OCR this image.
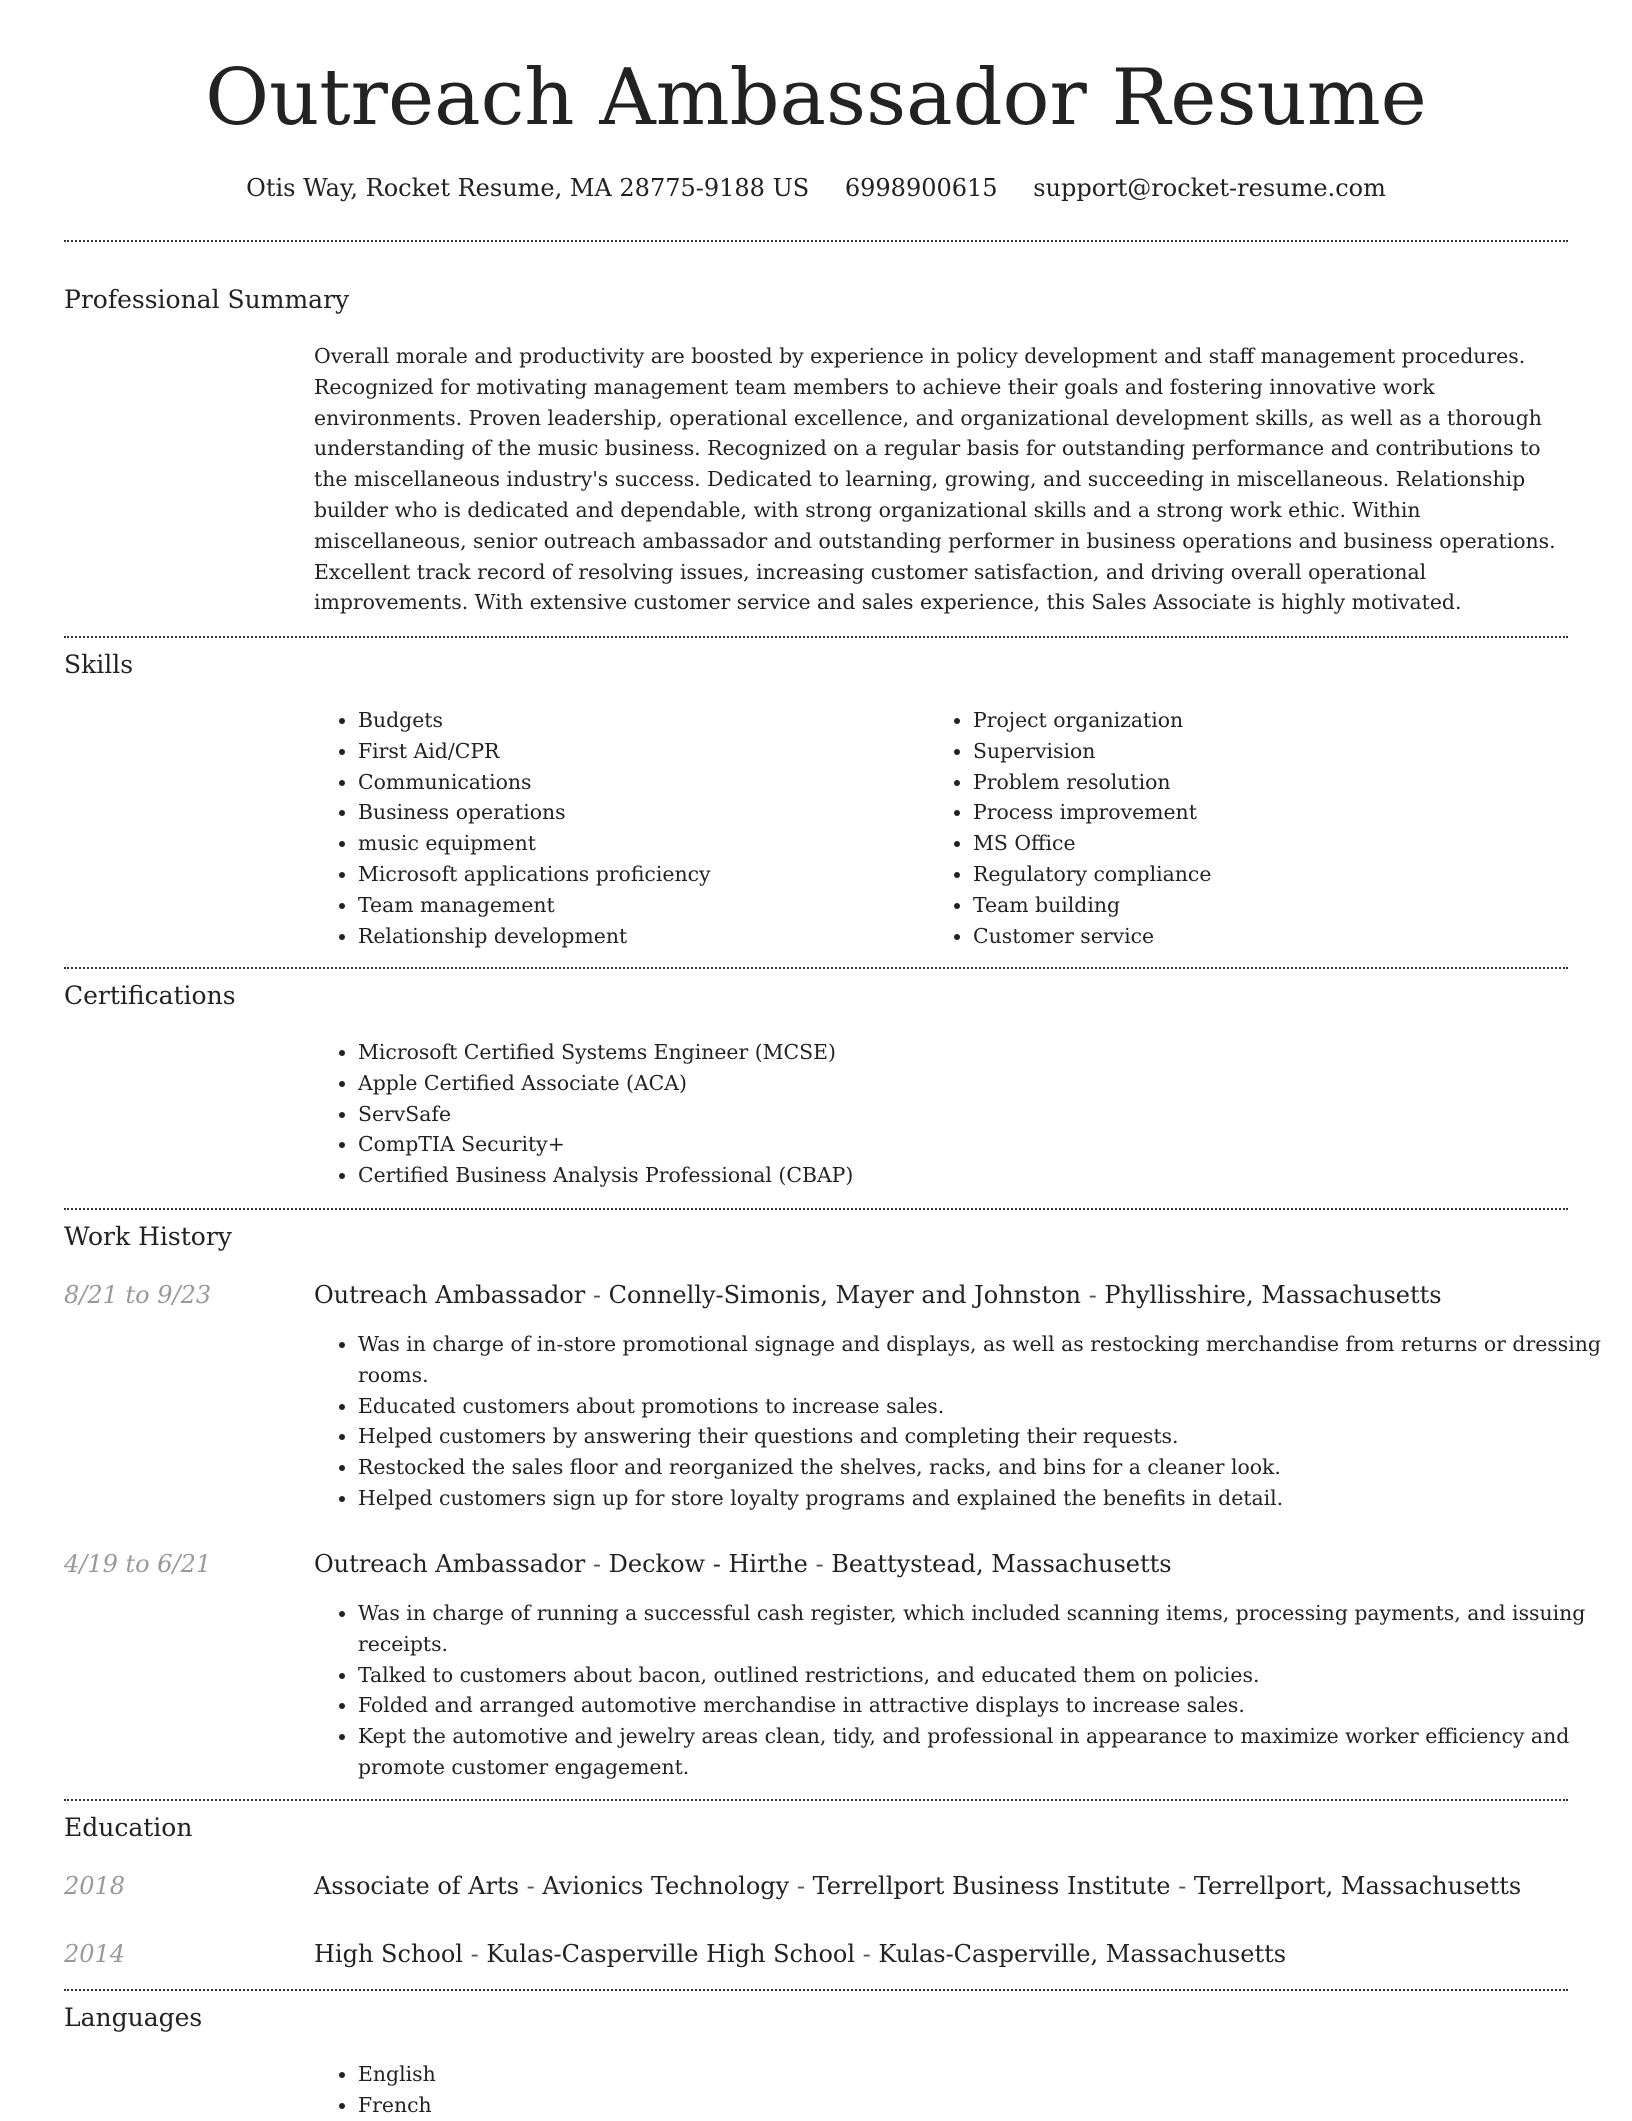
Outreach Ambassador Resume
Otis Way, Rocket Resume, MA 28775-9188 US 6998900615 support@rocket-resume.com
Professional Summary

Overall morale and productivity are boosted by experience in policy development and staff management procedures. Recognized for motivating management team members to achieve their goals and fostering innovative work environments. Proven leadership, operational excellence, and organizational development skills, as well as a thorough understanding of the music business. Recognized on a regular basis for outstanding performance and contributions to the miscellaneous industry's success. Dedicated to learning, growing, and succeeding in miscellaneous. Relationship builder who is dedicated and dependable, with strong organizational skills and a strong work ethic. Within miscellaneous, senior outreach ambassador and outstanding performer in business operations and business operations. Excellent track record of resolving issues, increasing customer satisfaction, and driving overall operational improvements. With extensive customer service and sales experience, this Sales Associate is highly motivated.

Skills
• Budgets
• First Aid/CPR
• Communications
• Business operations
• music equipment
• Microsoft applications proficiency
• Team management
• Relationship development
• Project organization
• Supervision
• Problem resolution
• Process improvement
• MS Office
• Regulatory compliance
• Team building
• Customer service
Certifications
• Microsoft Certified Systems Engineer (MCSE)
• Apple Certified Associate (ACA)
• ServSafe
• CompTIA Security+
• Certified Business Analysis Professional (CBAP)
Work History
8/21 to 9/23	Outreach Ambassador - Connelly-Simonis, Mayer and Johnston - Phyllisshire, Massachusetts
• Was in charge of in-store promotional signage and displays, as well as restocking merchandise from returns or dressing rooms.
• Educated customers about promotions to increase sales.
• Helped customers by answering their questions and completing their requests.
• Restocked the sales floor and reorganized the shelves, racks, and bins for a cleaner look.
• Helped customers sign up for store loyalty programs and explained the benefits in detail.
4/19 to 6/21	Outreach Ambassador - Deckow - Hirthe - Beattystead, Massachusetts
• Was in charge of running a successful cash register, which included scanning items, processing payments, and issuing receipts.
• Talked to customers about bacon, outlined restrictions, and educated them on policies.
• Folded and arranged automotive merchandise in attractive displays to increase sales.
• Kept the automotive and jewelry areas clean, tidy, and professional in appearance to maximize worker efficiency and promote customer engagement.
Education
2018	Associate of Arts - Avionics Technology - Terrellport Business Institute - Terrellport, Massachusetts
2014	High School - Kulas-Casperville High School - Kulas-Casperville, Massachusetts
Languages
• English
• French
